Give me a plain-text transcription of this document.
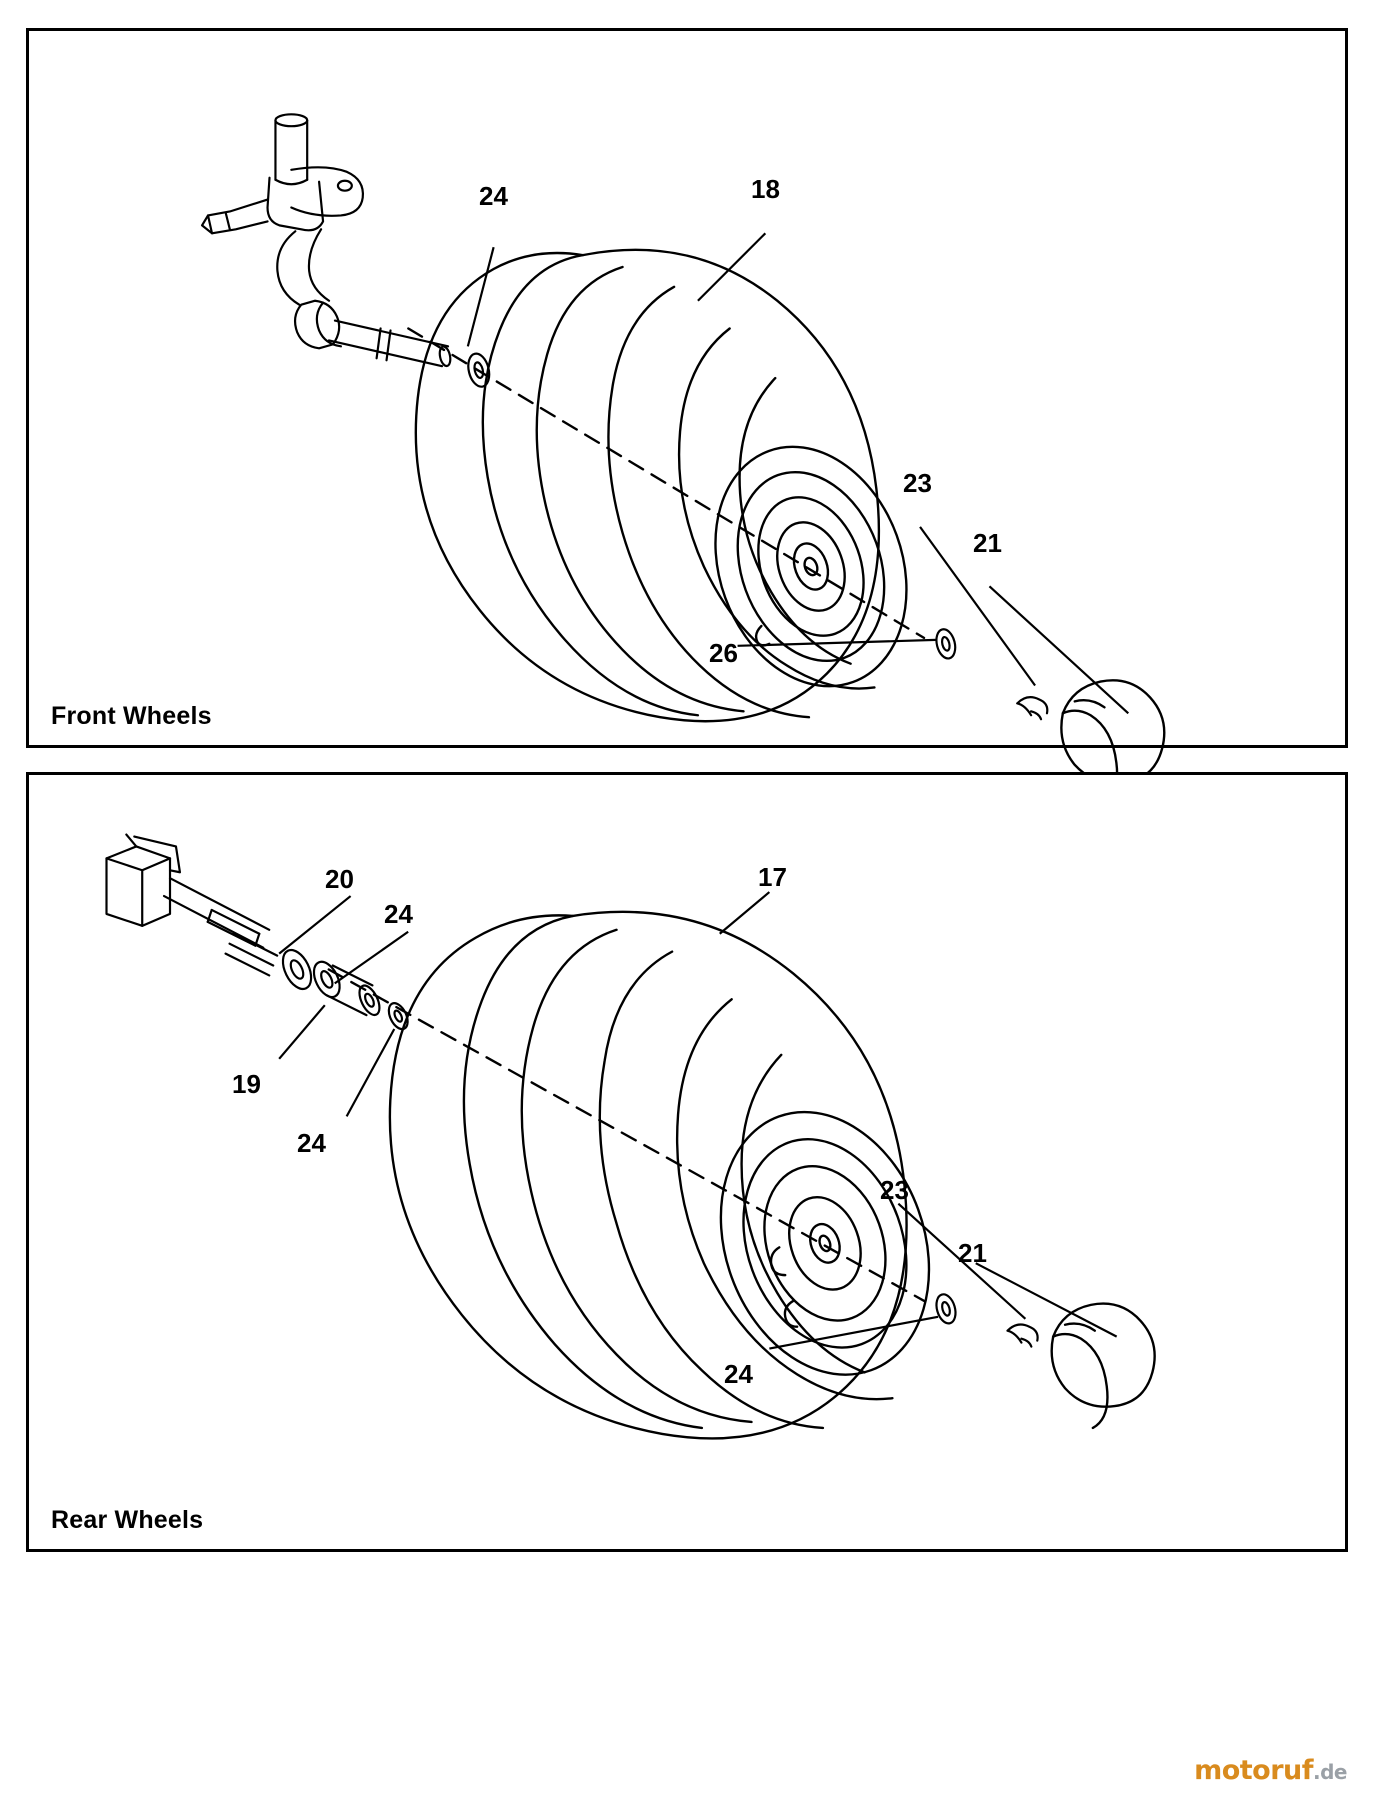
Front Wheels
24	18
23
21
26
Rear Wheels
20
24
17
19
24
23
21
24
motoruf.de
